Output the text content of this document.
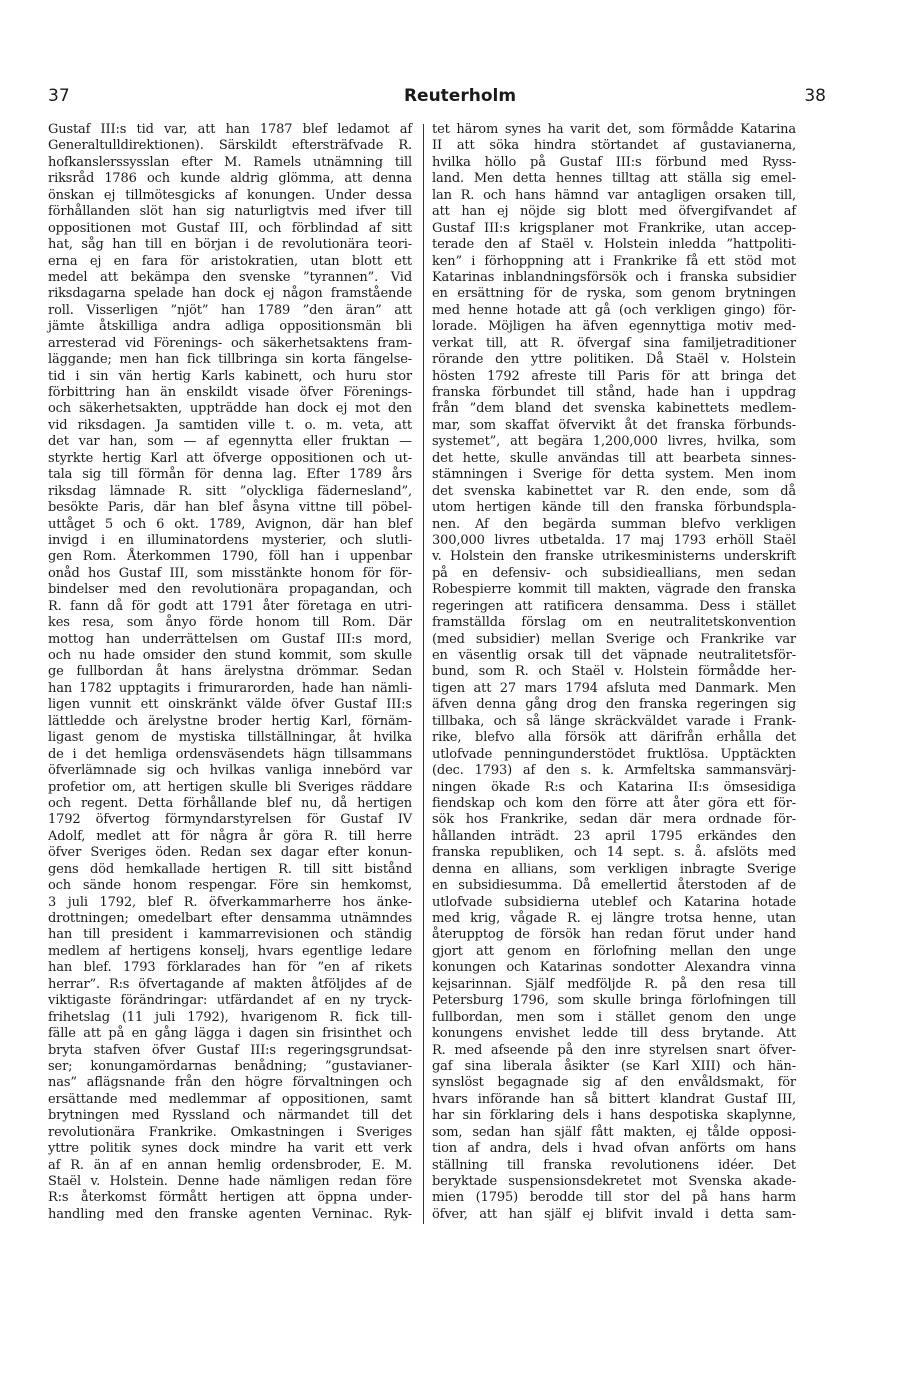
37	Reuterholm	38
Gustaf III:s tid var, att han 1787 blef ledamot af
Generaltulldirektionen). Särskildt eftersträfvade R.
hofkanslerssysslan efter M. Ramels utnämning till
riksråd 1786 och kunde aldrig glömma, att denna
önskan ej tillmötesgicks af konungen. Under dessa
förhållanden slöt han sig naturligtvis med ifver till
oppositionen mot Gustaf III, och förblindad af sitt
hat, såg han till en början i de revolutionära teori-
erna ej en fara för aristokratien, utan blott ett
medel att bekämpa den svenske ”tyrannen”. Vid
riksdagarna spelade han dock ej någon framstående
roll. Visserligen ”njöt” han 1789 ”den äran” att
jämte åtskilliga andra adliga oppositionsmän bli
arresterad vid Förenings- och säkerhetsaktens fram-
läggande; men han fick tillbringa sin korta fängelse-
tid i sin vän hertig Karls kabinett, och huru stor
förbittring han än enskildt visade öfver Förenings-
och säkerhetsakten, uppträdde han dock ej mot den
vid riksdagen. Ja samtiden ville t. o. m. veta, att
det var han, som — af egennytta eller fruktan —
styrkte hertig Karl att öfverge oppositionen och ut-
tala sig till förmån för denna lag. Efter 1789 års
riksdag lämnade R. sitt ”olyckliga fädernesland”,
besökte Paris, där han blef åsyna vittne till pöbel-
uttåget 5 och 6 okt. 1789, Avignon, där han blef
invigd i en illuminatordens mysterier, och slutli-
gen Rom. Återkommen 1790, föll han i uppenbar
onåd hos Gustaf III, som misstänkte honom för för-
bindelser med den revolutionära propagandan, och
R. fann då för godt att 1791 åter företaga en utri-
kes resa, som ånyo förde honom till Rom. Där
mottog han underrättelsen om Gustaf III:s mord,
och nu hade omsider den stund kommit, som skulle
ge fullbordan åt hans ärelystna drömmar. Sedan
han 1782 upptagits i frimurarorden, hade han nämli-
ligen vunnit ett oinskränkt välde öfver Gustaf III:s
lättledde och ärelystne broder hertig Karl, förnäm-
ligast genom de mystiska tillställningar, åt hvilka
de i det hemliga ordensväsendets hägn tillsammans
öfverlämnade sig och hvilkas vanliga innebörd var
profetior om, att hertigen skulle bli Sveriges räddare
och regent. Detta förhållande blef nu, då hertigen
1792 öfvertog förmyndarstyrelsen för Gustaf IV
Adolf, medlet att för några år göra R. till herre
öfver Sveriges öden. Redan sex dagar efter konun-
gens död hemkallade hertigen R. till sitt bistånd
och sände honom respengar. Före sin hemkomst,
3 juli 1792, blef R. öfverkammarherre hos änke-
drottningen; omedelbart efter densamma utnämndes
han till president i kammarrevisionen och ständig
medlem af hertigens konselj, hvars egentlige ledare
han blef. 1793 förklarades han för ”en af rikets
herrar”. R:s öfvertagande af makten åtföljdes af de
viktigaste förändringar: utfärdandet af en ny tryck-
frihetslag (11 juli 1792), hvarigenom R. fick till-
fälle att på en gång lägga i dagen sin frisinthet och
bryta stafven öfver Gustaf III:s regeringsgrundsat-
ser; konungamördarnas benådning; ”gustavianer-
nas” aflägsnande från den högre förvaltningen och
ersättande med medlemmar af oppositionen, samt
brytningen med Ryssland och närmandet till det
revolutionära Frankrike. Omkastningen i Sveriges
yttre politik synes dock mindre ha varit ett verk
af R. än af en annan hemlig ordensbroder, E. M.
Staël v. Holstein. Denne hade nämligen redan före
R:s återkomst förmått hertigen att öppna under-
handling med den franske agenten Verninac. Ryk-
tet härom synes ha varit det, som förmådde Katarina
II att söka hindra störtandet af gustavianerna,
hvilka höllo på Gustaf III:s förbund med Ryss-
land. Men detta hennes tilltag att ställa sig emel-
lan R. och hans hämnd var antagligen orsaken till,
att han ej nöjde sig blott med öfvergifvandet af
Gustaf III:s krigsplaner mot Frankrike, utan accep-
terade den af Staël v. Holstein inledda ”hattpoliti-
ken” i förhoppning att i Frankrike få ett stöd mot
Katarinas inblandningsförsök och i franska subsidier
en ersättning för de ryska, som genom brytningen
med henne hotade att gå (och verkligen gingo) för-
lorade. Möjligen ha äfven egennyttiga motiv med-
verkat till, att R. öfvergaf sina familjetraditioner
rörande den yttre politiken. Då Staël v. Holstein
hösten 1792 afreste till Paris för att bringa det
franska förbundet till stånd, hade han i uppdrag
från ”dem bland det svenska kabinettets medlem-
mar, som skaffat öfvervikt åt det franska förbunds-
systemet”, att begära 1,200,000 livres, hvilka, som
det hette, skulle användas till att bearbeta sinnes-
stämningen i Sverige för detta system. Men inom
det svenska kabinettet var R. den ende, som då
utom hertigen kände till den franska förbundspla-
nen. Af den begärda summan blefvo verkligen
300,000 livres utbetalda. 17 maj 1793 erhöll Staël
v. Holstein den franske utrikesministerns underskrift
på en defensiv- och subsidieallians, men sedan
Robespierre kommit till makten, vägrade den franska
regeringen att ratificera densamma. Dess i stället
framställda förslag om en neutralitetskonvention
(med subsidier) mellan Sverige och Frankrike var
en väsentlig orsak till det väpnade neutralitetsför-
bund, som R. och Staël v. Holstein förmådde her-
tigen att 27 mars 1794 afsluta med Danmark. Men
äfven denna gång drog den franska regeringen sig
tillbaka, och så länge skräckväldet varade i Frank-
rike, blefvo alla försök att därifrån erhålla det
utlofvade penningunderstödet fruktlösa. Upptäckten
(dec. 1793) af den s. k. Armfeltska sammansvärj-
ningen ökade R:s och Katarina II:s ömsesidiga
fiendskap och kom den förre att åter göra ett för-
sök hos Frankrike, sedan där mera ordnade för-
hållanden inträdt. 23 april 1795 erkändes den
franska republiken, och 14 sept. s. å. afslöts med
denna en allians, som verkligen inbragte Sverige
en subsidiesumma. Då emellertid återstoden af de
utlofvade subsidierna uteblef och Katarina hotade
med krig, vågade R. ej längre trotsa henne, utan
återupptog de försök han redan förut under hand
gjort att genom en förlofning mellan den unge
konungen och Katarinas sondotter Alexandra vinna
kejsarinnan. Själf medföljde R. på den resa till
Petersburg 1796, som skulle bringa förlofningen till
fullbordan, men som i stället genom den unge
konungens envishet ledde till dess brytande. Att
R. med afseende på den inre styrelsen snart öfver-
gaf sina liberala åsikter (se Karl XIII) och hän-
synslöst begagnade sig af den envåldsmakt, för
hvars införande han så bittert klandrat Gustaf III,
har sin förklaring dels i hans despotiska skaplynne,
som, sedan han själf fått makten, ej tålde opposi-
tion af andra, dels i hvad ofvan anförts om hans
ställning till franska revolutionens idéer. Det
beryktade suspensionsdekretet mot Svenska akade-
mien (1795) berodde till stor del på hans harm
öfver, att han själf ej blifvit invald i detta sam-
